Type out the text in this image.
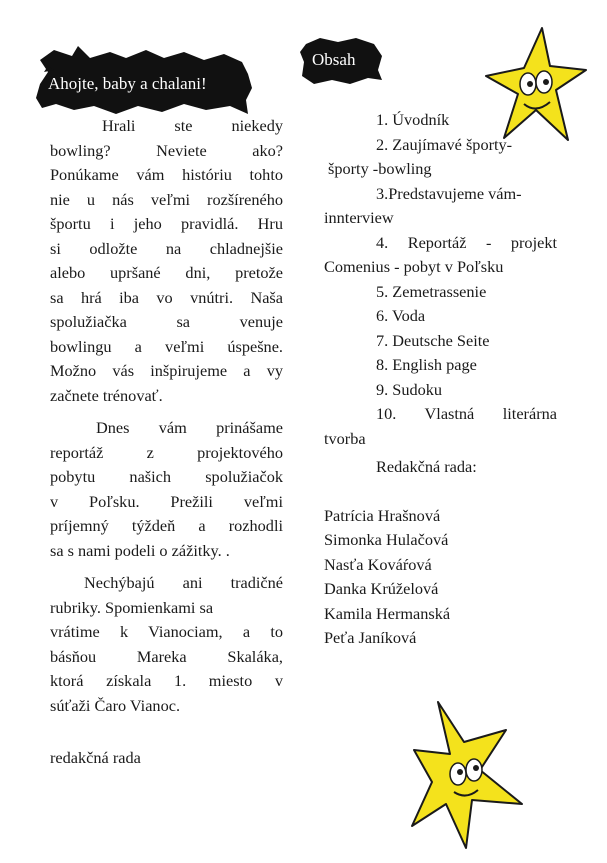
Ahojte, baby a chalani!
Hrali ste niekedy
bowling? Neviete ako?
Ponúkame vám históriu tohto
nie u nás veľmi rozšíreného
športu i jeho pravidlá. Hru
si odložte na chladnejšie
alebo upršané dni, pretože
sa hrá iba vo vnútri. Naša
spolužiačka sa venuje
bowlingu a veľmi úspešne.
Možno vás inšpirujeme a vy
začnete trénovať.
Dnes vám prinášame
reportáž z projektového
pobytu našich spolužiačok
v Poľsku. Prežili veľmi
príjemný týždeň a rozhodli
sa s nami podeli o zážitky. .
Nechýbajú ani tradičné
rubriky. Spomienkami sa
vrátime k Vianociam, a to
básňou Mareka Skaláka,
ktorá získala 1. miesto v
súťaži Čaro Vianoc.
redakčná rada
Obsah
1. Úvodník
2. Zaujímavé športy-
športy -bowling
3.Predstavujeme vám-
innterview
4. Reportáž - projekt
Comenius - pobyt v Poľsku
5. Zemetrassenie
6. Voda
7. Deutsche Seite
8. English page
9. Sudoku
10. Vlastná literárna
tvorba
Redakčná rada:
Patrícia Hrašnová
Simonka Hulačová
Nasťa Kováŕová
Danka Krúželová
Kamila Hermanská
Peťa Janíková
